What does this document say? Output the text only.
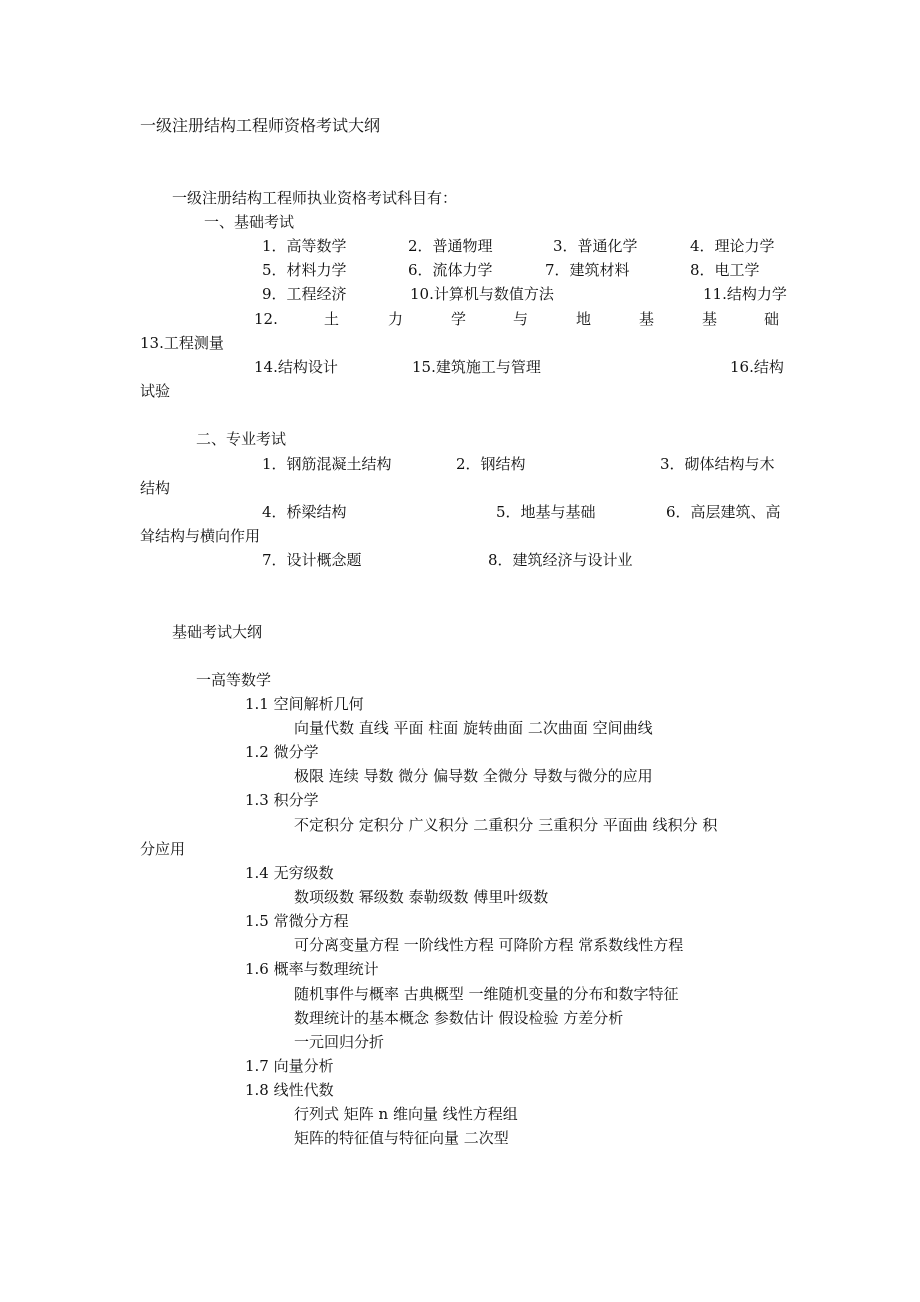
一级注册结构工程师资格考试大纲
一级注册结构工程师执业资格考试科目有：
一、基础考试
1．高等数学	2．普通物理	3．普通化学	4．理论力学
5．材料力学	6．流体力学	7．建筑材料	8．电工学
9．工程经济	10.计算机与数值方法	11.结构力学
12.	土	力	学	与	地	基	基	础
13.工程测量
14.结构设计	15.建筑施工与管理	16.结构
试验
二、专业考试
1．钢筋混凝土结构	2．钢结构	3．砌体结构与木
结构
4．桥梁结构	5．地基与基础	6．高层建筑、高
耸结构与横向作用
7．设计概念题	8．建筑经济与设计业
基础考试大纲
一高等数学
1.1 空间解析几何
向量代数 直线 平面 柱面 旋转曲面 二次曲面 空间曲线
1.2 微分学
极限 连续 导数 微分 偏导数 全微分 导数与微分的应用
1.3 积分学
不定积分 定积分 广义积分 二重积分 三重积分 平面曲 线积分 积
分应用
1.4 无穷级数
数项级数 幂级数 泰勒级数 傅里叶级数
1.5 常微分方程
可分离变量方程 一阶线性方程 可降阶方程 常系数线性方程
1.6 概率与数理统计
随机事件与概率 古典概型 一维随机变量的分布和数字特征
数理统计的基本概念 参数估计 假设检验 方差分析
一元回归分折
1.7 向量分析
1.8 线性代数
行列式 矩阵 n 维向量 线性方程组
矩阵的特征值与特征向量 二次型
